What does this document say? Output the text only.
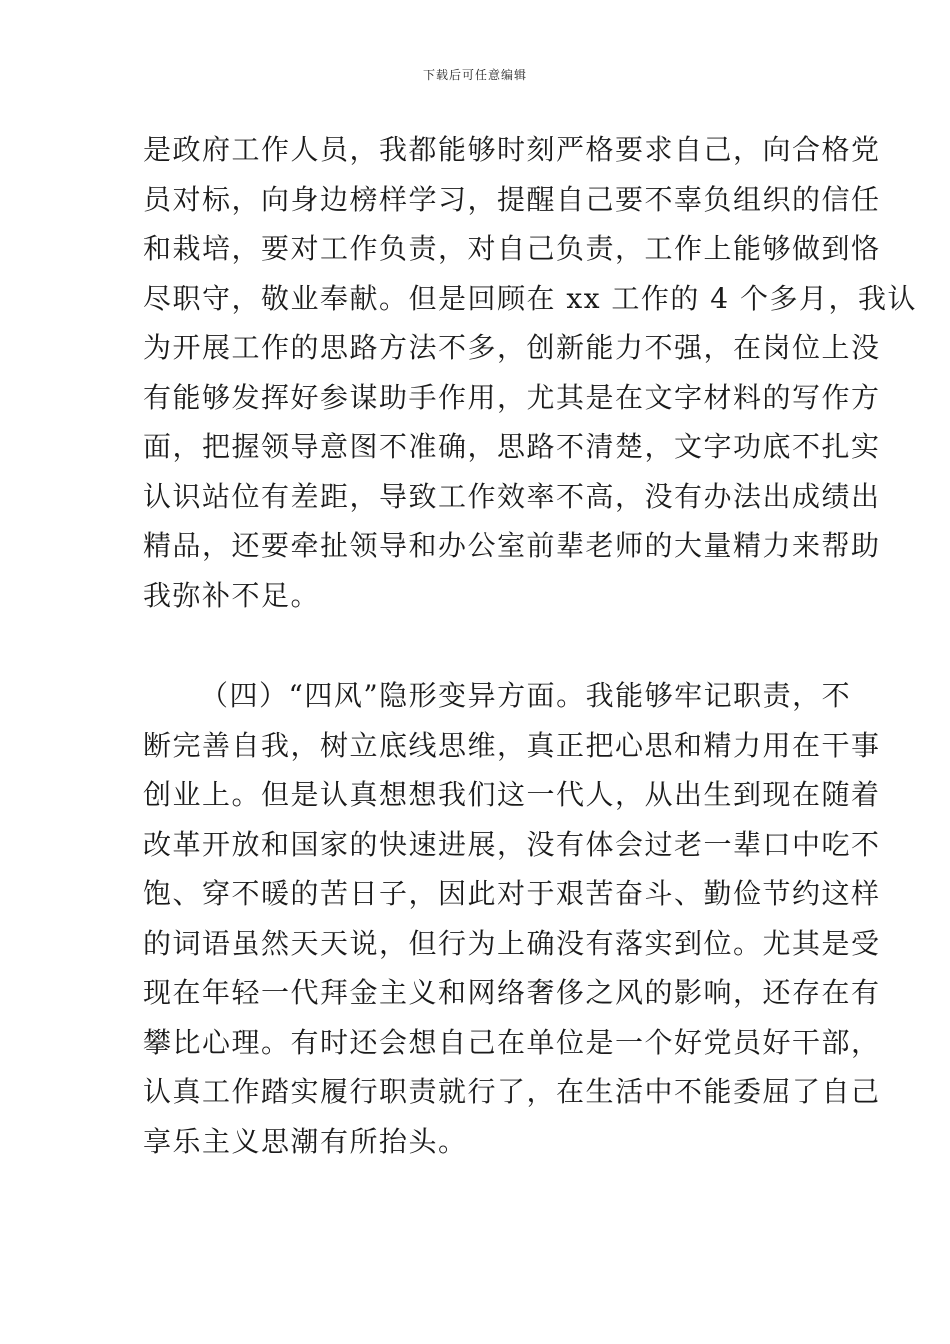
下载后可任意编辑
是政府工作人员，我都能够时刻严格要求自己，向合格党
员对标，向身边榜样学习，提醒自己要不辜负组织的信任
和栽培，要对工作负责，对自己负责，工作上能够做到恪
尽职守，敬业奉献。但是回顾在 xx 工作的 4 个多月，我认
为开展工作的思路方法不多，创新能力不强，在岗位上没
有能够发挥好参谋助手作用，尤其是在文字材料的写作方
面，把握领导意图不准确，思路不清楚，文字功底不扎实
认识站位有差距，导致工作效率不高，没有办法出成绩出
精品，还要牵扯领导和办公室前辈老师的大量精力来帮助
我弥补不足。
（四）“四风”隐形变异方面。我能够牢记职责，不
断完善自我，树立底线思维，真正把心思和精力用在干事
创业上。但是认真想想我们这一代人，从出生到现在随着
改革开放和国家的快速进展，没有体会过老一辈口中吃不
饱、穿不暖的苦日子，因此对于艰苦奋斗、勤俭节约这样
的词语虽然天天说，但行为上确没有落实到位。尤其是受
现在年轻一代拜金主义和网络奢侈之风的影响，还存在有
攀比心理。有时还会想自己在单位是一个好党员好干部，
认真工作踏实履行职责就行了，在生活中不能委屈了自己
享乐主义思潮有所抬头。
